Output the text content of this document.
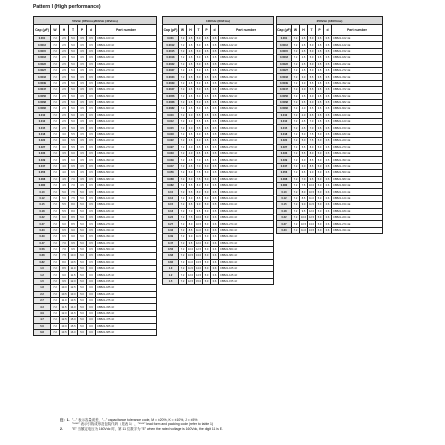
Pattern I (High performance)
50Vdc (35Vrms)/63Vdc (40Vrms)						
Cap (μF)	W	H	T	P	d	Part number
0.001	7.2	2.5	5.0	3.5	0.5	CBB21-100 nF
0.0012	7.2	2.5	5.0	3.5	0.5	CBB21-120 nF
0.0015	7.2	2.5	5.0	3.5	0.5	CBB21-150 nF
0.0018	7.2	2.5	5.0	3.5	0.5	CBB21-180 nF
0.0022	7.2	2.5	5.0	3.5	0.5	CBB21-220 nF
0.0027	7.2	2.5	5.0	3.5	0.5	CBB21-270 nF
0.0033	7.2	2.5	5.0	3.5	0.5	CBB21-330 nF
0.0039	7.2	2.5	5.0	3.5	0.5	CBB21-390 nF
0.0047	7.2	2.5	5.0	3.5	0.5	CBB21-470 nF
0.0056	7.2	2.5	5.0	3.5	0.5	CBB21-560 nF
0.0068	7.2	2.5	5.0	3.5	0.5	CBB21-680 nF
0.0082	7.2	2.5	5.0	3.5	0.5	CBB21-820 nF
0.010	7.2	2.5	5.0	3.5	0.5	CBB21-103 nF
0.012	7.2	2.5	5.0	3.5	0.5	CBB21-123 nF
0.015	7.2	2.5	5.0	3.5	0.5	CBB21-153 nF
0.018	7.2	3.0	5.5	3.5	0.5	CBB21-183 nF
0.022	7.2	3.0	5.5	3.5	0.5	CBB21-223 nF
0.027	7.2	3.0	5.5	3.5	0.5	CBB21-273 nF
0.033	7.2	3.5	6.0	3.5	0.5	CBB21-333 nF
0.039	7.2	3.5	6.0	3.5	0.5	CBB21-393 nF
0.047	7.2	4.0	6.5	3.5	0.5	CBB21-473 nF
0.056	7.2	4.0	6.5	3.5	0.5	CBB21-563 nF
0.068	7.2	4.5	7.0	3.5	0.5	CBB21-683 nF
0.082	7.2	4.5	7.0	3.5	0.5	CBB21-823 nF
0.10	7.2	5.0	7.5	5.0	0.5	CBB21-104 nF
0.12	7.2	5.0	7.5	5.0	0.5	CBB21-124 nF
0.15	7.2	5.5	8.0	5.0	0.5	CBB21-154 nF
0.18	7.2	5.5	8.0	5.0	0.5	CBB21-184 nF
0.22	7.2	6.0	8.5	5.0	0.5	CBB21-224 nF
0.27	7.2	6.0	8.5	5.0	0.5	CBB21-274 nF
0.33	7.2	6.5	9.0	5.0	0.5	CBB21-334 nF
0.39	7.2	6.5	9.0	5.0	0.5	CBB21-394 nF
0.47	7.2	7.0	9.5	5.0	0.5	CBB21-474 nF
0.56	7.2	7.0	9.5	5.0	0.5	CBB21-564 nF
0.68	7.2	7.5	10.0	5.0	0.5	CBB21-684 nF
0.82	7.2	8.0	10.5	5.0	0.5	CBB21-824 nF
1.0	7.2	8.5	11.0	5.0	0.6	CBB21-105 nF
1.2	7.2	9.0	11.5	5.0	0.6	CBB21-125 nF
1.5	7.2	9.5	12.0	5.0	0.6	CBB21-155 nF
1.8	7.2	10.0	12.5	5.0	0.6	CBB21-185 nF
2.2	7.2	10.5	13.0	5.0	0.6	CBB21-225 nF
2.7	7.2	11.0	13.5	5.0	0.6	CBB21-275 nF
3.3	7.2	11.5	14.0	5.0	0.6	CBB21-335 nF
3.9	7.2	12.0	14.5	5.0	0.6	CBB21-395 nF
4.7	7.2	12.5	15.0	5.0	0.6	CBB21-475 nF
5.6	7.2	13.0	15.5	5.0	0.6	CBB21-565 nF
6.8	7.2	13.5	16.0	5.0	0.6	CBB21-685 nF
100Vdc (63Vrms)						
Cap (μF)	W	H	T	P	d	Part number
0.001	7.2	2.5	5.0	3.5	0.5	CBB21-102 nF
0.0012	7.2	2.5	5.0	3.5	0.5	CBB21-122 nF
0.0015	7.2	2.5	5.0	3.5	0.5	CBB21-152 nF
0.0018	7.2	2.5	5.0	3.5	0.5	CBB21-182 nF
0.0022	7.2	2.5	5.0	3.5	0.5	CBB21-222 nF
0.0027	7.2	2.5	5.0	3.5	0.5	CBB21-272 nF
0.0033	7.2	2.5	5.0	3.5	0.5	CBB21-332 nF
0.0039	7.2	2.5	5.0	3.5	0.5	CBB21-392 nF
0.0047	7.2	2.5	5.0	3.5	0.5	CBB21-472 nF
0.0056	7.2	2.5	5.0	3.5	0.5	CBB21-562 nF
0.0068	7.2	2.5	5.0	3.5	0.5	CBB21-682 nF
0.0082	7.2	2.5	5.0	3.5	0.5	CBB21-822 nF
0.010	7.2	3.0	5.5	3.5	0.5	CBB21-103 nF
0.012	7.2	3.0	5.5	3.5	0.5	CBB21-123 nF
0.015	7.2	3.0	5.5	3.5	0.5	CBB21-153 nF
0.018	7.2	3.5	6.0	3.5	0.5	CBB21-183 nF
0.022	7.2	3.5	6.0	3.5	0.5	CBB21-223 nF
0.027	7.2	4.0	6.5	3.5	0.5	CBB21-273 nF
0.033	7.2	4.0	6.5	3.5	0.5	CBB21-333 nF
0.039	7.2	4.5	7.0	3.5	0.5	CBB21-393 nF
0.047	7.2	4.5	7.0	5.0	0.5	CBB21-473 nF
0.056	7.2	5.0	7.5	5.0	0.5	CBB21-563 nF
0.068	7.2	5.0	7.5	5.0	0.5	CBB21-683 nF
0.082	7.2	5.5	8.0	5.0	0.5	CBB21-823 nF
0.10	7.2	5.5	8.0	5.0	0.5	CBB21-104 nF
0.12	7.2	6.0	8.5	5.0	0.5	CBB21-124 nF
0.15	7.2	6.5	9.0	5.0	0.5	CBB21-154 nF
0.18	7.2	7.0	9.5	5.0	0.5	CBB21-184 nF
0.22	7.2	7.5	10.0	5.0	0.6	CBB21-224 nF
0.27	7.2	8.0	10.5	5.0	0.6	CBB21-274 nF
0.33	7.2	8.5	11.0	5.0	0.6	CBB21-334 nF
0.39	7.2	9.0	11.5	5.0	0.6	CBB21-394 nF
0.47	7.2	9.5	12.0	5.0	0.6	CBB21-474 nF
0.56	7.2	10.0	12.5	5.0	0.6	CBB21-564 nF
0.68	7.2	10.5	13.0	5.0	0.6	CBB21-684 nF
0.82	7.2	11.0	13.5	5.0	0.6	CBB21-824 nF
1.0	7.2	11.5	14.0	5.0	0.6	CBB21-105 nF
1.2	7.2	12.0	14.5	5.0	0.6	CBB21-125 nF
1.5	7.2	12.5	15.0	5.0	0.6	CBB21-155 nF
250Vdc (160Vrms)						
Cap (μF)	W	H	T	P	d	Part number
0.001	7.2	2.5	5.0	3.5	0.5	CBB21-102 nE
0.0012	7.2	2.5	5.0	3.5	0.5	CBB21-122 nE
0.0015	7.2	2.5	5.0	3.5	0.5	CBB21-152 nE
0.0018	7.2	2.5	5.0	3.5	0.5	CBB21-182 nE
0.0022	7.2	2.5	5.0	3.5	0.5	CBB21-222 nE
0.0027	7.2	2.5	5.0	3.5	0.5	CBB21-272 nE
0.0033	7.2	3.0	5.5	3.5	0.5	CBB21-332 nE
0.0039	7.2	3.0	5.5	3.5	0.5	CBB21-392 nE
0.0047	7.2	3.0	5.5	3.5	0.5	CBB21-472 nE
0.0056	7.2	3.5	6.0	3.5	0.5	CBB21-562 nE
0.0068	7.2	3.5	6.0	3.5	0.5	CBB21-682 nE
0.0082	7.2	4.0	6.5	3.5	0.5	CBB21-822 nE
0.010	7.2	4.0	6.5	3.5	0.5	CBB21-103 nE
0.012	7.2	4.5	7.0	3.5	0.5	CBB21-123 nE
0.015	7.2	4.5	7.0	3.5	0.5	CBB21-153 nE
0.018	7.2	5.0	7.5	5.0	0.5	CBB21-183 nE
0.022	7.2	5.0	7.5	5.0	0.5	CBB21-223 nE
0.027	7.2	5.5	8.0	5.0	0.5	CBB21-273 nE
0.033	7.2	5.5	8.0	5.0	0.5	CBB21-333 nE
0.039	7.2	6.0	8.5	5.0	0.5	CBB21-393 nE
0.047	7.2	6.0	8.5	5.0	0.5	CBB21-473 nE
0.056	7.2	6.5	9.0	5.0	0.5	CBB21-563 nE
0.068	7.2	7.0	9.5	5.0	0.5	CBB21-683 nE
0.082	7.2	7.5	10.0	5.0	0.6	CBB21-823 nE
0.10	7.2	8.0	10.5	5.0	0.6	CBB21-104 nE
0.12	7.2	8.5	11.0	5.0	0.6	CBB21-124 nE
0.15	7.2	9.0	11.5	5.0	0.6	CBB21-154 nE
0.18	7.2	9.5	12.0	5.0	0.6	CBB21-184 nE
0.22	7.2	10.0	12.5	5.0	0.6	CBB21-224 nE
0.27	7.2	10.5	13.0	5.0	0.6	CBB21-274 nE
0.33	7.2	11.0	13.5	5.0	0.6	CBB21-334 nE
注：1. "..." 表示容量误差，"..." capacitance tolerance code, M = ±20%, K = ±10%, J = ±5%
"****" 表示引线成形及包装代码（见表 1），"****" lead form and packing code (refer to table 1)
2.	"E" 当额定电压为 160Vdc 时，第 11 位数字为 "E" when the rated voltage is 160Vdc, the digit 11 is E.
